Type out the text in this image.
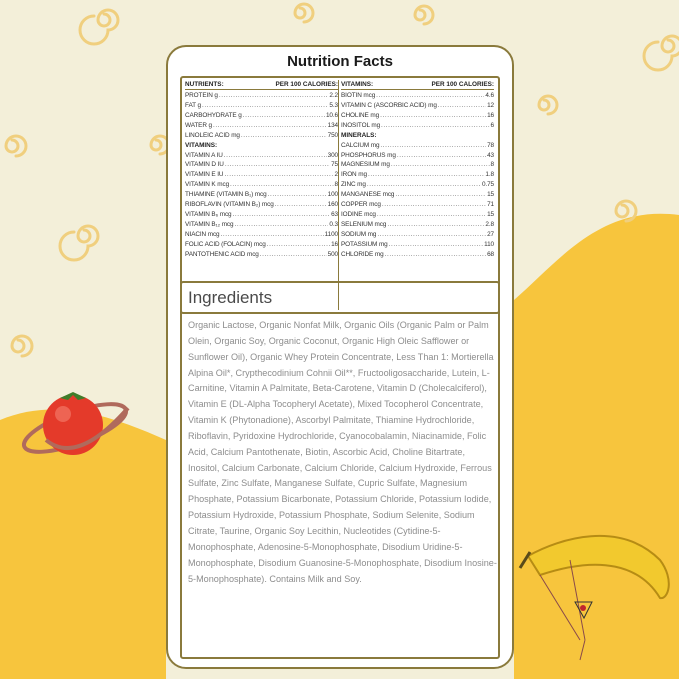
Nutrition Facts
NUTRIENTS:	PER 100 CALORIES:
PROTEIN g .....	2.2
FAT g .....	5.3
CARBOHYDRATE g .....	10.6
WATER g .....	134
LINOLEIC ACID mg .....	750
VITAMINS:
VITAMIN A IU .....	300
VITAMIN D IU .....	75
VITAMIN E IU .....	2
VITAMIN K mcg .....	8
THIAMINE (VITAMIN B₁) mcg .....	100
RIBOFLAVIN (VITAMIN B₂) mcg .....	160
VITAMIN B₆ mcg .....	63
VITAMIN B₁₂ mcg .....	0.3
NIACIN mcg .....	1100
FOLIC ACID (FOLACIN) mcg .....	16
PANTOTHENIC ACID mcg .....	500
VITAMINS:	PER 100 CALORIES:
BIOTIN mcg .....	4.6
VITAMIN C (ASCORBIC ACID) mg .....	12
CHOLINE mg .....	16
INOSITOL mg .....	6
MINERALS:
CALCIUM mg .....	78
PHOSPHORUS mg .....	43
MAGNESIUM mg .....	8
IRON mg .....	1.8
ZINC mg .....	0.75
MANGANESE mcg .....	15
COPPER mcg .....	71
IODINE mcg .....	15
SELENIUM mcg .....	2.8
SODIUM mg .....	27
POTASSIUM mg .....	110
CHLORIDE mg .....	68
Ingredients
Organic Lactose, Organic Nonfat Milk, Organic Oils (Organic Palm or Palm Olein, Organic Soy, Organic Coconut, Organic High Oleic Safflower or Sunflower Oil), Organic Whey Protein Concentrate, Less Than 1: Mortierella Alpina Oil*, Crypthecodinium Cohnii Oil**, Fructooligosaccharide, Lutein, L-Carnitine, Vitamin A Palmitate, Beta-Carotene, Vitamin D (Cholecalciferol), Vitamin E (DL-Alpha Tocopheryl Acetate), Mixed Tocopherol Concentrate, Vitamin K (Phytonadione), Ascorbyl Palmitate, Thiamine Hydrochloride, Riboflavin, Pyridoxine Hydrochloride, Cyanocobalamin, Niacinamide, Folic Acid, Calcium Pantothenate, Biotin, Ascorbic Acid, Choline Bitartrate, Inositol, Calcium Carbonate, Calcium Chloride, Calcium Hydroxide, Ferrous Sulfate, Zinc Sulfate, Manganese Sulfate, Cupric Sulfate, Magnesium Phosphate, Potassium Bicarbonate, Potassium Chloride, Potassium Iodide, Potassium Hydroxide, Potassium Phosphate, Sodium Selenite, Sodium Citrate, Taurine, Organic Soy Lecithin, Nucleotides (Cytidine-5-Monophosphate, Adenosine-5-Monophosphate, Disodium Uridine-5-Monophosphate, Disodium Guanosine-5-Monophosphate, Disodium Inosine-5-Monophosphate). Contains Milk and Soy.
